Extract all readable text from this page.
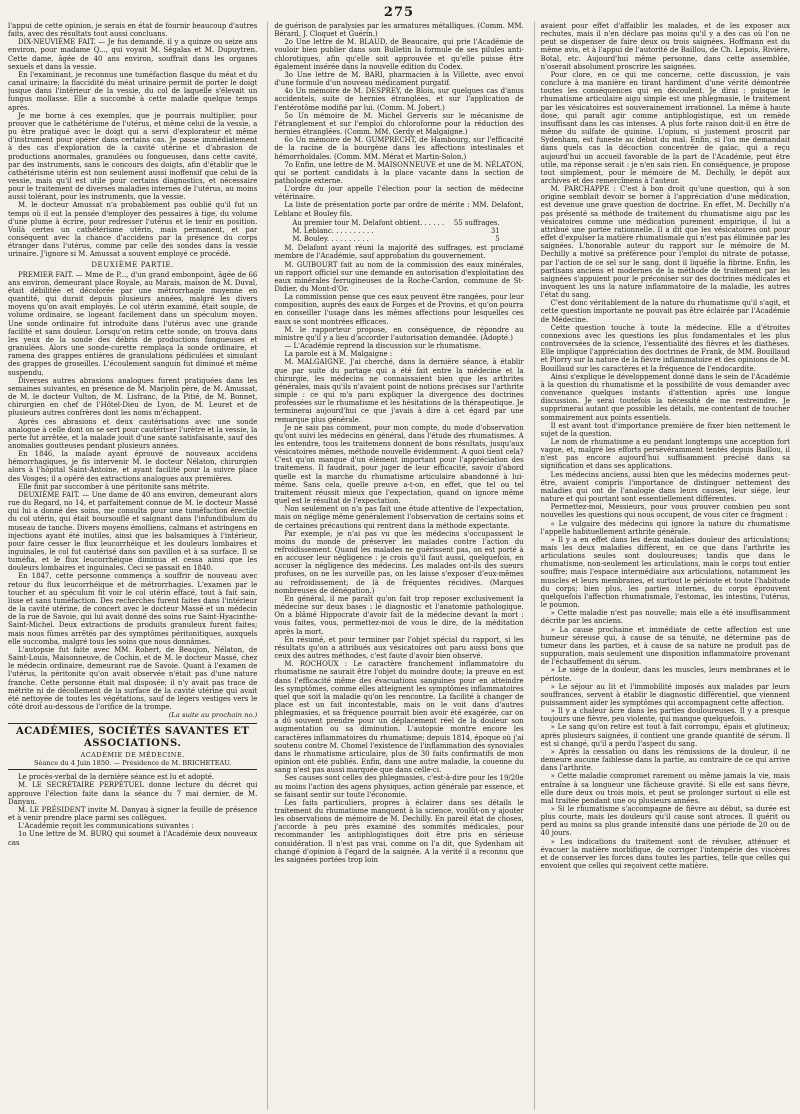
275

l'appui de cette opinion, je serais en état de fournir beaucoup d'autres faits, avec des résultats tout aussi concluans.

DIX-NEUVIÈME FAIT. — Je fus demandé, il y a quinze ou seize ans environ, pour madame Q..., qui voyait M. Ségalas et M. Dupuytren. Cette dame, âgée de 40 ans environ, souffrait dans les organes sexuels et dans la vessie.

En l'examinant, je reconnus une tuméfaction flasque du méat et du canal urinaire; la flaccidité du méat urinaire permit de porter le doigt jusque dans l'intérieur de la vessie, du col de laquelle s'élevait un fungus mollasse. Elle a succombé à cette maladie quelque temps après.

Je me borne à ces exemples, que je pourrais multiplier, pour prouver que le cathétérisme de l'utérus, et même celui de la vessie, a pu être pratiqué avec le doigt qui a servi d'explorateur et même d'instrument pour opérer dans certains cas. Je passe immédiatement à des cas d'exploration de la cavité utérine et d'abrasion de productions anormales, granulées ou fongueuses, dans cette cavité, par des instruments, sans le concours des doigts, afin d'établir que le cathétérisme utérin est non seulement aussi inoffensif que celui de la vessie, mais qu'il est utile pour certains diagnostics, et nécessaire pour le traitement de diverses maladies internes de l'utérus, au moins aussi tolérant, pour les instruments, que la vessie.

M. le docteur Amussat n'a probablement pas oublié qu'il fut un temps où il eut la pensée d'employer des pessaires à tige, du volume d'une plume à écrire, pour redresser l'utérus et le tenir en position. Voilà certes un cathétérisme utérin, mais permanent, et par conséquent avec la chance d'accidens par la présence du corps étranger dans l'utérus, comme par celle des sondes dans la vessie urinaire. J'ignore si M. Amussat a souvent employé ce procédé.

DEUXIÈME PARTIE.

PREMIER FAIT. — Mme de P..., d'un grand embonpoint, âgée de 66 ans environ, demeurant place Royale, au Marais, maison de M. Duval, était débilitée et décolorée par une métrorrhagie moyenne en quantité, qui durait depuis plusieurs années, malgré les divers moyens qu'on avait employés. Le col utérin examiné, était souple, de volume ordinaire, se logeant facilement dans un spéculum moyen. Une sonde ordinaire fut introduite dans l'utérus avec une grande facilité et sans douleur. Lorsqu'on retira cette sonde, on trouva dans les yeux de la sonde des débris de productions fongueuses et granulées. Alors une sonde-curette remplaça la sonde ordinaire, et ramena des grappes entières de granulations pédiculées et simulant des grappes de groseilles. L'écoulement sanguin fut diminué et même suspendu.

Diverses autres abrasions analogues furent pratiquées dans les semaines suivantes, en présence de M. Marjolin père, de M. Amussat, de M. le docteur Vulton, de M. Lisfranc, de la Pitié, de M. Bonnet, chirurgien en chef de l'Hôtel-Dieu de Lyon, de M. Leuret et de plusieurs autres confrères dont les noms m'échappent.

Après ces abrasions et deux cautérisations avec une sonde analogue à celle dont on se sert pour cautériser l'urètre et la vessie, la perte fut arrêtée, et la malade jouit d'une santé satisfaisante, sauf des anomalies goutteuses pendant plusieurs années.

En 1846, la malade ayant éprouvé de nouveaux accidens hémorrhagiques, je fis intervenir M. le docteur Nélaton, chirurgien alors à l'hôpital Saint-Antoine, et ayant facilité pour la suivre place des Vosges; il a opéré des extractions analogues aux premières.

Elle finit par succomber à une péritonite sans métrite.

DEUXIÈME FAIT. — Une dame de 40 ans environ, demeurant alors rue du Regard, no 14, et parfaitement connue de M. le docteur Massé qui lui a donné des soins, me consulta pour une tuméfaction érectile du col utérin, qui était boursouflé et saignant dans l'infundibulum du museau de tanche. Divers moyens émolliens, calmans et astringens en injections ayant été inutiles, ainsi que les balsamiques à l'intérieur, pour faire cesser le flux leucorrhéique et les douleurs lombaires et inguinales, le col fut cautérisé dans son pavillon et à sa surface. Il se tuméfia, et le flux leucorrhéique diminua et cessa ainsi que les douleurs lombaires et inguinales. Ceci se passait en 1840.

En 1847, cette personne commença à souffrir de nouveau avec retour du flux leucorrhéique et de métrorrhagies. L'examen par le toucher et au spéculum fit voir le col utérin effacé, tout à fait sain, lisse et sans tuméfaction. Des recherches furent faites dans l'intérieur de la cavité utérine, de concert avec le docteur Massé et un médecin de la rue de Savoie, qui lui avait donné des soins rue Saint-Hyacinthe-Saint-Michel. Deux extractions de produits granuleux furent faites; mais nous fûmes arrêtés par des symptômes péritonitiques, auxquels elle succomba, malgré tous les soins que nous donnâmes.

L'autopsie fut faite avec MM. Robert, de Beaujon, Nélaton, de Saint-Louis, Maisonneuve, de Cochin, et de M. le docteur Massé, chez le médecin ordinaire, demeurant rue de Savoie. Quant à l'examen de l'utérus, la péritonite qu'on avait observée n'était pas d'une nature franche. Cette personne était mal disposée; il n'y avait pas trace de métrite ni de décollement de la surface de la cavité utérine qui avait été nettoyée de toutes les végétations, sauf de légers vestiges vers le côté droit au-dessous de l'orifice de la trompe.

(La suite au prochain no.)
ACADÉMIES, SOCIÉTÉS SAVANTES ET ASSOCIATIONS.
ACADÉMIE DE MÉDECINE.
Séance du 4 Juin 1850. — Présidence de M. BRICHETEAU.

Le procès-verbal de la dernière séance est lu et adopté.

M. LE SECRÉTAIRE PERPÉTUEL donne lecture du décret qui approuve l'élection faite dans la séance du 7 mai dernier, de M. Danyau.

M. LE PRÉSIDENT invite M. Danyau à signer la feuille de présence et à venir prendre place parmi ses collègues.

L'Académie reçoit les communications suivantes :

1o Une lettre de M. BURQ qui soumet à l'Académie deux nouveaux cas

de guérison de paralysies par les armatures métalliques. (Comm. MM. Bérard, J. Cloquet et Guérin.)

2o Une lettre de M. BLAUD, de Beaucaire, qui prie l'Académie de vouloir bien publier dans son Bulletin la formule de ses pilules anti-chlorotiques, afin qu'elle soit approuvée et qu'elle puisse être également insérée dans la nouvelle édition du Codex.

3o Une lettre de M. BARI, pharmacien à la Villette, avec envoi d'une formule d'un nouveau médicament purgatif.

4o Un mémoire de M. DESPREY, de Blois, sur quelques cas d'anus accidentels, suite de hernies étranglées, et sur l'application de l'entérotôme modifié par lui. (Comm. M. Jobert.)

5o Un mémoire de M. Michel Gerveris sur le mécanisme de l'étranglement et sur l'emploi du chloroforme pour la réduction des hernies étranglées. (Comm. MM. Gerdy et Malgaigne.)

6o Un mémoire de M. GUMPRECHT, de Hambourg, sur l'efficacité de la racine de la bourgène dans les affections intestinales et hémorrhoïdales. (Comm. MM. Mérat et Martin-Solon.)

7o Enfin, une lettre de M. MAISONNEUVE et une de M. NÉLATON, qui se portent candidats à la place vacante dans la section de pathologie externe.

L'ordre du jour appelle l'élection pour la section de médecine vétérinaire.

La liste de présentation porte par ordre de mérite : MM. Delafont, Leblanc et Bouley fils.

Au premier tour M. Delafont obtient. . . . . . 55 suffrages.
M. Leblanc. . . . . . . . . .	31
M. Bouley. . . . . . . . . .	5

M. Delafont ayant réuni la majorité des suffrages, est proclamé membre de l'Académie, sauf approbation du gouvernement.

M. GUIBOURT fait au nom de la commission des eaux minérales, un rapport officiel sur une demande en autorisation d'exploitation des eaux minérales ferrugineuses de la Roche-Cardon, commune de St-Didier, du Mont-d'Or.

La commission pense que ces eaux peuvent être rangées, pour leur composition, auprès des eaux de Forges et de Provins, et qu'on pourra en conseiller l'usage dans les mêmes affections pour lesquelles ces eaux se sont montrées efficaces.

M. le rapporteur propose, en conséquence, de répondre au ministre qu'il y a lieu d'accorder l'autorisation demandée. (Adopté.)

— L'Académie reprend la discussion sur le rhumatisme.

La parole est à M. Malgaigne :

M. MALGAIGNE. J'ai cherché, dans la dernière séance, à établir que par suite du partage qui a été fait entre la médecine et la chirurgie, les médecins ne connaissaient bien que les arthrites générales, mais qu'ils n'avaient point de notions précises sur l'arthrite simple : ce qui m'a paru expliquer la divergence des doctrines professées sur le rhumatisme et les hésitations de la thérapeutique. Je terminerai aujourd'hui ce que j'avais à dire à cet égard par une remarque plus générale.

Je ne sais pas comment, pour mon compte, du mode d'observation qu'ont suivi les médecins en général, dans l'étude des rhumatismes. A les entendre, tous les traitemens donnent de bons résultats, jusqu'aux vésicatoires mêmes, méthode nouvelle évidemment. A quoi tient cela? C'est qu'on manque d'un élément important pour l'appréciation des traitemens. Il faudrait, pour juger de leur efficacité, savoir d'abord quelle est la marche du rhumatisme articulaire abandonné à lui-même. Sans cela, quelle preuve a-t-on, en effet, que tel ou tel traitement réussit mieux que l'expectation, quand on ignore même quel est le résultat de l'expectation.

Non seulement on n'a pas fait une étude attentive de l'expectation, mais on néglige même généralement l'observation de certains soins et de certaines précautions qui rentrent dans la méthode expectante.

Par exemple, je n'ai pas vu que les médecins s'occupassent le moins du monde de préserver les malades contre l'action du refroidissement. Quand les malades ne guérissent pas, on est porté à en accuser leur négligence : je crois qu'il faut aussi, quelquefois, en accuser la négligence des médecins. Les malades ont-ils des sueurs profuses, on ne les surveille pas, on les laisse s'exposer d'eux-mêmes au refroidissement; de là de fréquentes récidives. (Marques nombreuses de dénégation.)

En général, il me paraît qu'on fait trop reposer exclusivement la médecine sur deux bases : le diagnostic et l'anatomie pathologique. On a blâmé Hippocrate d'avoir fait de la médecine devant la mort : vous faites, vous, permettez-moi de vous le dire, de la méditation après la mort.

En résumé, et pour terminer par l'objet spécial du rapport, si les résultats qu'on a attribués aux vésicatoires ont paru aussi bons que ceux des autres méthodes, c'est faute d'avoir bien observé.

M. ROCHOUX : Le caractère franchement inflammatoire du rhumatisme ne saurait être l'objet du moindre doute; la preuve en est dans l'efficacité même des évacuations sanguines pour en atteindre les symptômes, comme elles atteignent les symptômes inflammatoires quel que soit la maladie qu'on les rencontre. La facilité à changer de place est un fait incontestable, mais on le voit dans d'autres phlegmasies, et sa fréquence pourrait bien avoir été exagérée, car on a dû souvent prendre pour un déplacement réel de la douleur son augmentation ou sa diminution. L'autopsie montre encore les caractères inflammatoires du rhumatisme; depuis 1814, époque où j'ai soutenu contre M. Chomel l'existence de l'inflammation des synoviales dans le rhumatisme articulaire, plus de 30 faits confirmatifs de mon opinion ont été publiés. Enfin, dans une autre maladie, la couenne du sang n'est pas aussi marquée que dans celle-ci.

Ses causes sont celles des phlegmasies, c'est-à-dire pour les 19/20e au moins l'action des agens physiques, action générale par essence, et se faisant sentir sur toute l'économie.

Les faits particuliers, propres à éclairer dans ses détails le traitement du rhumatisme manquent à la science, voulût-on y ajouter les observations de mémoire de M. Dechilly. En pareil état de choses, j'accorde à peu près examiné des sommités médicales, pour recommander les antiphlogistiques doit être pris en sérieuse considération. Il n'est pas vrai, comme on l'a dit, que Sydenham ait changé d'opinion à l'égard de la saignée. A la vérité il a reconnu que les saignées portées trop loin

avaient pour effet d'affaiblir les malades, et de les exposer aux rechutes, mais il n'en déclare pas moins qu'il y a des cas où l'on ne peut se dispenser de faire deux ou trois saignées. Hoffmann est du même avis, et à l'appui de l'autorité de Baillou, de Ch. Lepois, Rivière, Botal, etc. Aujourd'hui même personne, dans cette assemblée, n'oserait absolument proscrire les saignées.

Pour clore, en ce qui me concerne, cette discussion, je vais conclure à ma manière en tirant hardiment d'une vérité démontrée toutes les conséquences qui en découlent. Je dirai : puisque le rhumatisme articulaire aigu simple est une phlegmasie, le traitement par les vésicatoires est souverainement irrationnel. La même à haute dose, qui paraît agir comme antiphlogistique, est un remède insuffisant dans les cas intenses. A plus forte raison doit-il en être de même du sulfate de quinine. L'opium, si justement proscrit par Sydenham, est funeste au début du mal. Enfin, si l'on me demandait dans quels cas la décoction concentrée de gaïac, qui a reçu aujourd'hui un accueil favorable de la part de l'Académie, peut être utile, ma réponse serait : je n'en sais rien. En conséquence, je propose tout simplement, pour le mémoire de M. Dechilly, le dépôt aux archives et des remercîmens à l'auteur.

M. PARCHAPPE : C'est à bon droit qu'une question, qui à son origine semblait devoir se borner à l'appréciation d'une médication, est devenue une grave question de doctrine. En effet, M. Dechilly n'a pas présenté sa méthode de traitement du rhumatisme aigu par les vésicatoires comme une médication purement empirique, il lui a attribué une portée rationnelle. Il a dit que les vésicatoires ont pour effet d'expulser la matière rhumatismale qui n'est pas éliminée par les saignées. L'honorable auteur du rapport sur le mémoire de M. Dechilly a motivé sa préférence pour l'emploi du nitrate de potasse, par l'action de ce sel sur le sang, dont il liquéfie la fibrine. Enfin, les partisans anciens et modernes de la méthode de traitement par les saignées s'appuient pour le préconiser sur des doctrines médicales et invoquent les uns la nature inflammatoire de la maladie, les autres l'état du sang.

C'est donc véritablement de la nature du rhumatisme qu'il s'agit, et cette question importante ne pouvait pas être éclairée par l'Académie de Médecine.

Cette question touche à toute la médecine. Elle a d'étroites connexions avec les questions les plus fondamentales et les plus controversées de la science, l'essentialité des fièvres et les diathèses. Elle implique l'appréciation des doctrines de Frank, de MM. Bouillaud et Piorry sur la nature de la fièvre inflammatoire et des opinions de M. Bouillaud sur les caractères et la fréquence de l'endocardite.

Ainsi s'explique le développement donné dans le sein de l'Académie à la question du rhumatisme et la possibilité de vous demander avec convenance quelques instants d'attention après une longue discussion. Je serai toutefois la nécessité de me restreindre. Je supprimerai autant que possible les détails, me contentant de toucher sommairement aux points essentiels.

Il est avant tout d'importance première de fixer bien nettement le sujet de la question.

Le nom de rhumatisme a eu pendant longtemps une acception fort vague, et, malgré les efforts persévéramment tentés depuis Baillou, il n'est pas encore aujourd'hui suffisamment précisé dans sa signification et dans ses applications.

Les médecins anciens, aussi bien que les médecins modernes peut-être, avaient compris l'importance de distinguer nettement des maladies qui ont de l'analogie dans leurs causes, leur siége, leur nature et qui pourtant sont essentiellement différentes.

Permettez-moi, Messieurs, pour vous prouver combien peu sont nouvelles les questions qui nous occupent, de vous citer ce fragment :

« Le vulgaire des médecins qui ignore la nature du rhumatisme l'appelle habituellement arthrite générale.

» Il y a en effet dans les deux maladies douleur des articulations; mais les deux maladies diffèrent, en ce que dans l'arthrite les articulations seules sont douloureuses; tandis que dans le rhumatisme, non-seulement les articulations, mais le corps tout entier souffre; mais l'espace intermédiaire aux articulations, notamment les muscles et leurs membranes, et surtout le périoste et toute l'habitude du corps; bien plus, les parties internes, du corps éprouvent quelquefois l'affection rhumatismale, l'estomac, les intestins, l'utérus, le poumon.

» Cette maladie n'est pas nouvelle; mais elle a été insuffisamment décrite par les anciens.

» La cause prochaine et immédiate de cette affection est une humeur séreuse qui, à cause de sa ténuité, ne détermine pas de tumeur dans les parties, et à cause de sa nature ne produit pas de suppuration, mais seulement une disposition inflammatoire provenant de l'échauffement du sérum.

» Le siége de la douleur, dans les muscles, leurs membranes et le périoste.

» Le séjour au lit et l'immobilité imposés aux malades par leurs souffrances, servent à établir le diagnostic différentiel, que viennent puissamment aider les symptômes qui accompagnent cette affection.

» Il y a chaleur âcre dans les parties douloureuses. Il y a presque toujours une fièvre, peu violente, qui manque quelquefois.

» Le sang qu'on retire est tout à fait corrompu, épais et glutineux; après plusieurs saignées, il contient une grande quantité de sérum. Il est si changé, qu'il a perdu l'aspect du sang.

» Après la cessation ou dans les rémissions de la douleur, il ne demeure aucune faiblesse dans la partie, au contraire de ce qui arrive dans l'arthrite.

» Cette maladie compromet rarement ou même jamais la vie, mais entraîne à sa longueur une fâcheuse gravité. Si elle est sans fièvre, elle dure deux ou trois mois, et peut se prolonger surtout si elle est mal traitée pendant une ou plusieurs années.

» Si le rhumatisme s'accompagne de fièvre au début, sa durée est plus courte, mais les douleurs qu'il cause sont atroces. Il guérit ou perd au moins sa plus grande intensité dans une période de 20 ou de 40 jours.

» Les indications du traitement sont de révulser, atténuer et évacuer la matière morbifique, de corriger l'intempérie des viscères et de conserver les forces dans toutes les parties, telle que celles qui envoient que celles qui reçoivent cette matière.
